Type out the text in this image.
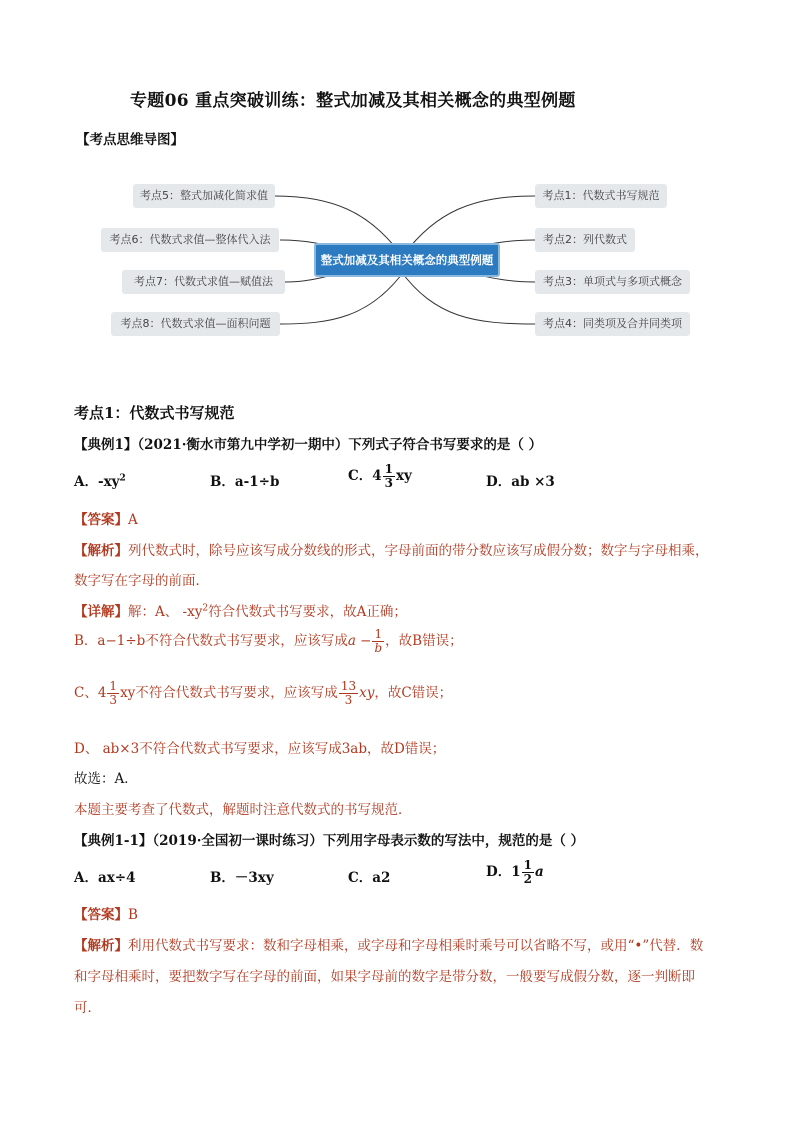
专题06 重点突破训练：整式加减及其相关概念的典型例题
【考点思维导图】
整式加减及其相关概念的典型例题
考点5：整式加减化简求值
考点6：代数式求值—整体代入法
考点7：代数式求值—赋值法
考点8：代数式求值—面积问题
考点1：代数式书写规范
考点2：列代数式
考点3：单项式与多项式概念
考点4：同类项及合并同类项
考点1：代数式书写规范
【典例1】（2021·衡水市第九中学初一期中）下列式子符合书写要求的是（ ）
A．$-xy^2$	B．a-1÷b	C．$4 \frac{1}{3}$ xy	D．ab ×3
【答案】A
【解析】列代数式时，除号应该写成分数线的形式，字母前面的带分数应该写成假分数；数字与字母相乘，
数字写在字母的前面．
【详解】解：A、 $-xy^2$符合代数式书写要求，故A正确；
B．a−1÷b不符合代数式书写要求，应该写成$a - \frac{1}{b}$ ，故B错误；
C、$4 \frac{1}{3}$ xy不符合代数式书写要求，应该写成 $\frac{13}{3}$ xy，故C错误；
D、 ab×3不符合代数式书写要求，应该写成3ab，故D错误；
故选：A．
本题主要考查了代数式，解题时注意代数式的书写规范．
【典例1-1】（2019·全国初一课时练习）下列用字母表示数的写法中，规范的是（ ）
A．ax÷4	B．－3xy	C．a2	D．$1 \frac{1}{2}$ a
【答案】B
【解析】利用代数式书写要求：数和字母相乘，或字母和字母相乘时乘号可以省略不写，或用“•”代替．数
和字母相乘时，要把数字写在字母的前面，如果字母前的数字是带分数，一般要写成假分数，逐一判断即
可．
